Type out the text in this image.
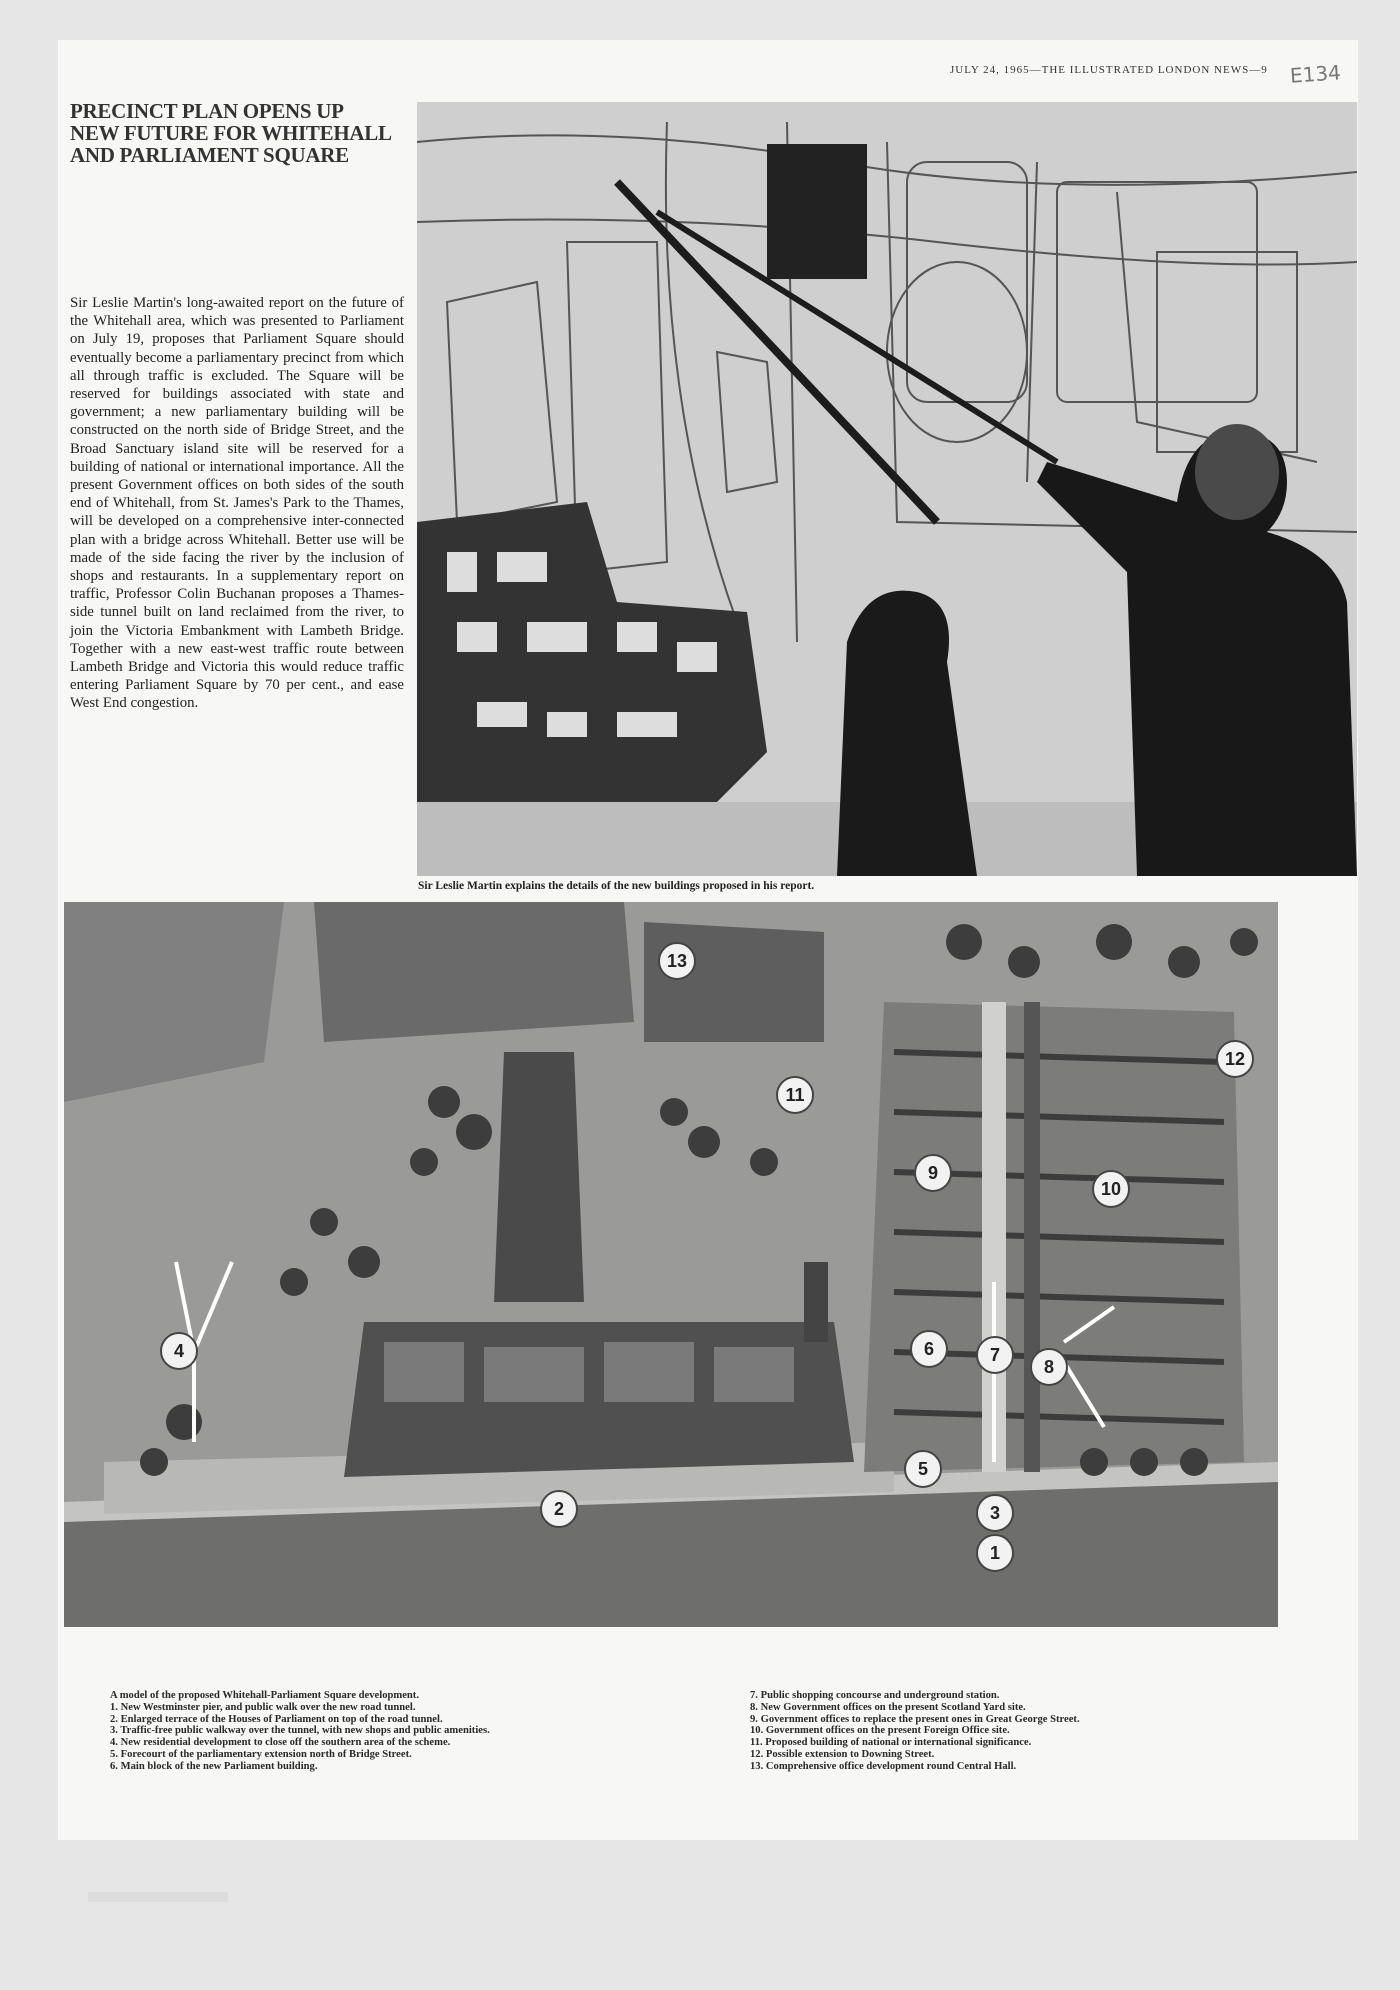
JULY 24, 1965—THE ILLUSTRATED LONDON NEWS—9 E134
PRECINCT PLAN OPENS UP
NEW FUTURE FOR WHITEHALL
AND PARLIAMENT SQUARE
Sir Leslie Martin's long-awaited report on the future of the Whitehall area, which was presented to Parliament on July 19, proposes that Parliament Square should eventually become a parliamentary precinct from which all through traffic is excluded. The Square will be reserved for buildings associated with state and government; a new parliamentary building will be constructed on the north side of Bridge Street, and the Broad Sanctuary island site will be reserved for a building of national or international importance. All the present Government offices on both sides of the south end of Whitehall, from St. James's Park to the Thames, will be developed on a comprehensive inter-connected plan with a bridge across Whitehall. Better use will be made of the side facing the river by the inclusion of shops and restaurants. In a supplementary report on traffic, Professor Colin Buchanan proposes a Thames-side tunnel built on land reclaimed from the river, to join the Victoria Embankment with Lambeth Bridge. Together with a new east-west traffic route between Lambeth Bridge and Victoria this would reduce traffic entering Parliament Square by 70 per cent., and ease West End congestion.
Sir Leslie Martin explains the details of the new buildings proposed in his report.
1
2	3
4
5
6	7
8
9
10
11
12
13
A model of the proposed Whitehall-Parliament Square development.
1. New Westminster pier, and public walk over the new road tunnel.
2. Enlarged terrace of the Houses of Parliament on top of the road tunnel.
3. Traffic-free public walkway over the tunnel, with new shops and public amenities.
4. New residential development to close off the southern area of the scheme.
5. Forecourt of the parliamentary extension north of Bridge Street.
6. Main block of the new Parliament building.
7. Public shopping concourse and underground station.
8. New Government offices on the present Scotland Yard site.
9. Government offices to replace the present ones in Great George Street.
10. Government offices on the present Foreign Office site.
11. Proposed building of national or international significance.
12. Possible extension to Downing Street.
13. Comprehensive office development round Central Hall.
